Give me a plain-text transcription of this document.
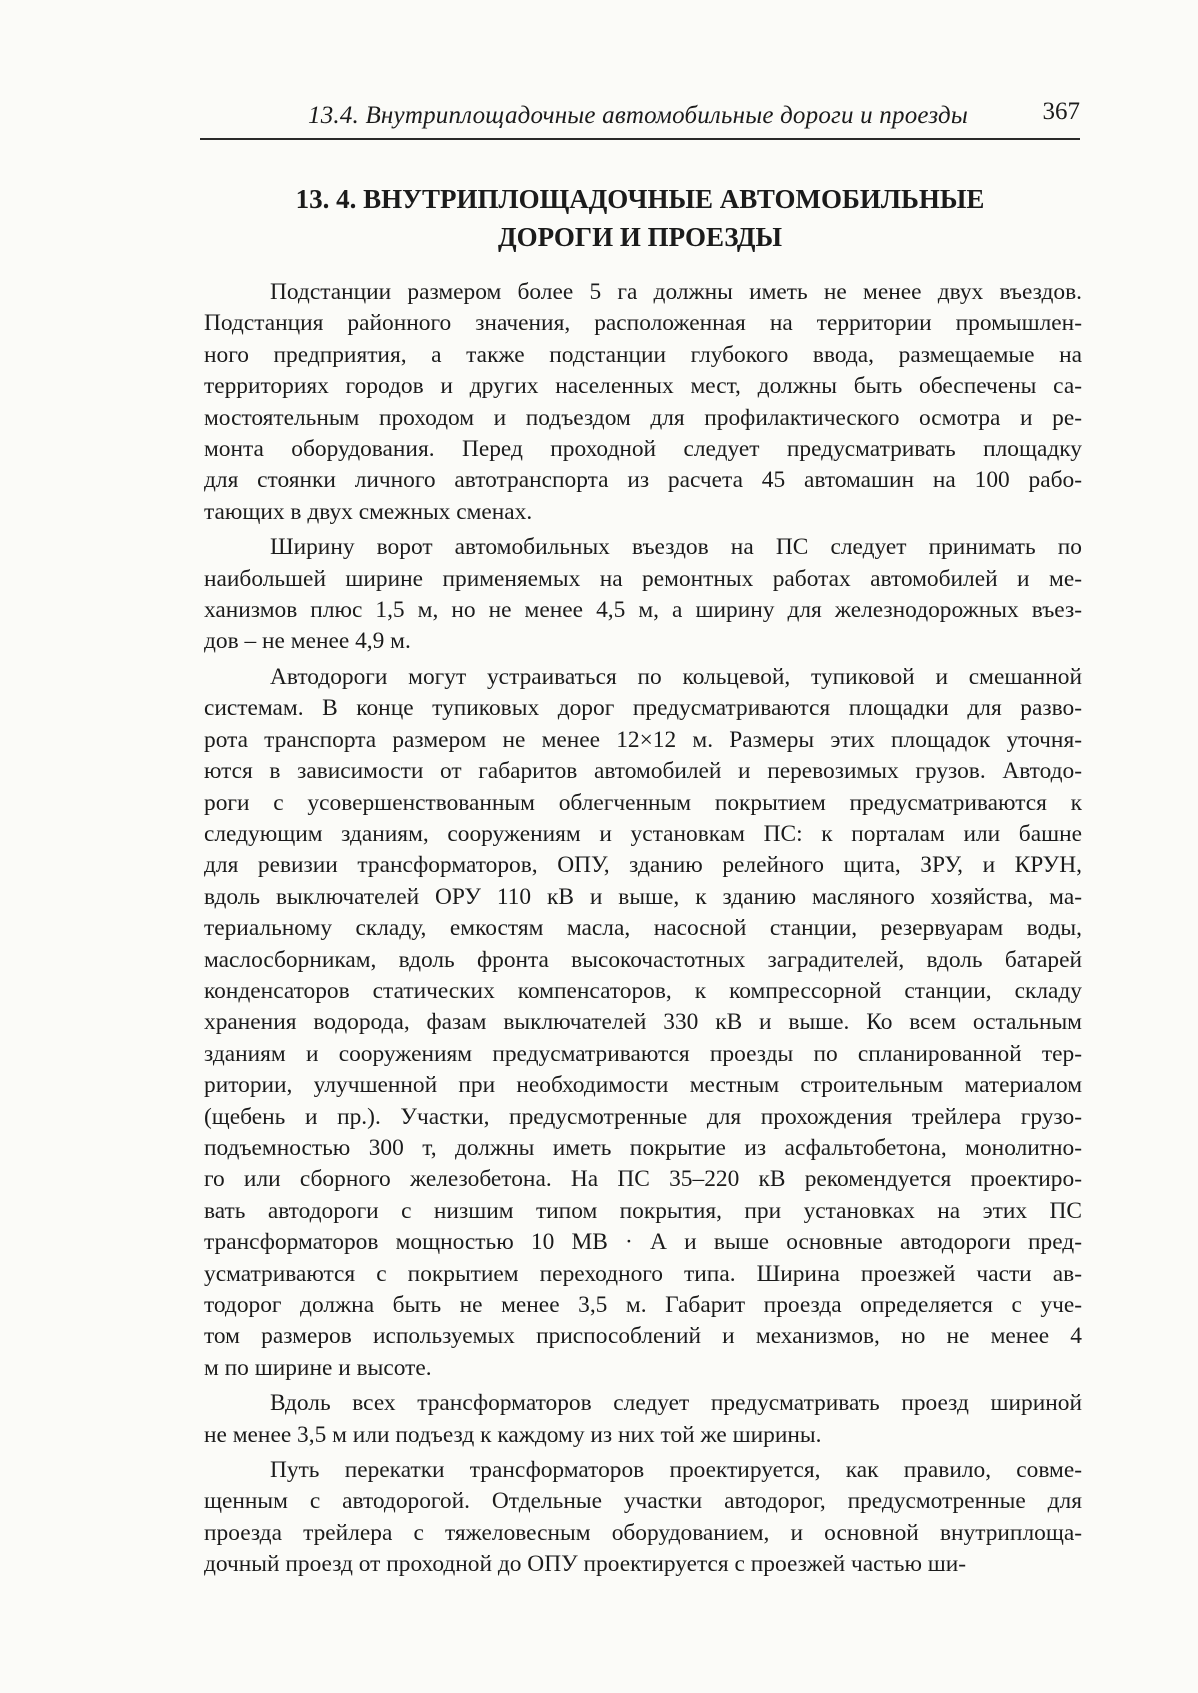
13.4. Внутриплощадочные автомобильные дороги и проезды	367
13. 4. ВНУТРИПЛОЩАДОЧНЫЕ АВТОМОБИЛЬНЫЕ
ДОРОГИ И ПРОЕЗДЫ

Подстанции размером более 5 га должны иметь не менее двух въездов.
Подстанция районного значения, расположенная на территории промышлен-
ного предприятия, а также подстанции глубокого ввода, размещаемые на
территориях городов и других населенных мест, должны быть обеспечены са-
мостоятельным проходом и подъездом для профилактического осмотра и ре-
монта оборудования. Перед проходной следует предусматривать площадку
для стоянки личного автотранспорта из расчета 45 автомашин на 100 рабо-
тающих в двух смежных сменах.

Ширину ворот автомобильных въездов на ПС следует принимать по
наибольшей ширине применяемых на ремонтных работах автомобилей и ме-
ханизмов плюс 1,5 м, но не менее 4,5 м, а ширину для железнодорожных въез-
дов – не менее 4,9 м.

Автодороги могут устраиваться по кольцевой, тупиковой и смешанной
системам. В конце тупиковых дорог предусматриваются площадки для разво-
рота транспорта размером не менее 12×12 м. Размеры этих площадок уточня-
ются в зависимости от габаритов автомобилей и перевозимых грузов. Автодо-
роги с усовершенствованным облегченным покрытием предусматриваются к
следующим зданиям, сооружениям и установкам ПС: к порталам или башне
для ревизии трансформаторов, ОПУ, зданию релейного щита, ЗРУ, и КРУН,
вдоль выключателей ОРУ 110 кВ и выше, к зданию масляного хозяйства, ма-
териальному складу, емкостям масла, насосной станции, резервуарам воды,
маслосборникам, вдоль фронта высокочастотных заградителей, вдоль батарей
конденсаторов статических компенсаторов, к компрессорной станции, складу
хранения водорода, фазам выключателей 330 кВ и выше. Ко всем остальным
зданиям и сооружениям предусматриваются проезды по спланированной тер-
ритории, улучшенной при необходимости местным строительным материалом
(щебень и пр.). Участки, предусмотренные для прохождения трейлера грузо-
подъемностью 300 т, должны иметь покрытие из асфальтобетона, монолитно-
го или сборного железобетона. На ПС 35–220 кВ рекомендуется проектиро-
вать автодороги с низшим типом покрытия, при установках на этих ПС
трансформаторов мощностью 10 МВ · А и выше основные автодороги пред-
усматриваются с покрытием переходного типа. Ширина проезжей части ав-
тодорог должна быть не менее 3,5 м. Габарит проезда определяется с уче-
том размеров используемых приспособлений и механизмов, но не менее 4
м по ширине и высоте.

Вдоль всех трансформаторов следует предусматривать проезд шириной
не менее 3,5 м или подъезд к каждому из них той же ширины.

Путь перекатки трансформаторов проектируется, как правило, совме-
щенным с автодорогой. Отдельные участки автодорог, предусмотренные для
проезда трейлера с тяжеловесным оборудованием, и основной внутриплоща-
дочный проезд от проходной до ОПУ проектируется с проезжей частью ши-
